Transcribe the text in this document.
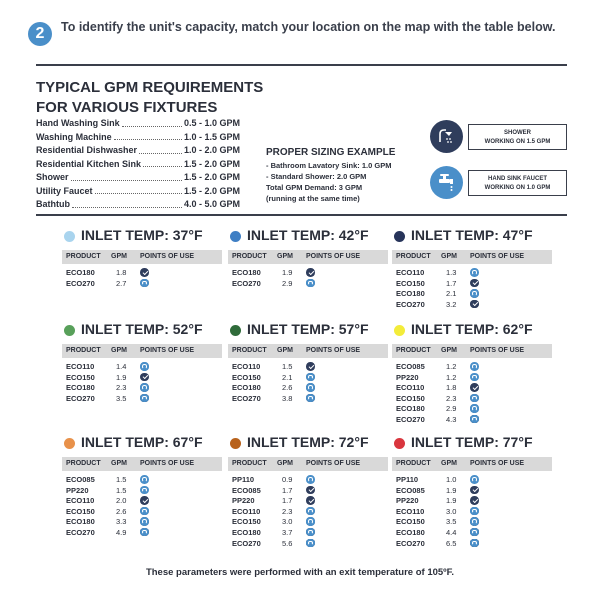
2	To identify the unit's capacity, match your location on the map with the table below.
TYPICAL GPM REQUIREMENTS
FOR VARIOUS FIXTURES
Hand Washing Sink	0.5 - 1.0 GPM
Washing Machine	1.0 - 1.5 GPM
Residential Dishwasher	1.0 - 2.0 GPM
Residential Kitchen Sink	1.5 - 2.0 GPM
Shower	1.5 - 2.0 GPM
Utility Faucet	1.5 - 2.0 GPM
Bathtub	4.0 - 5.0 GPM
PROPER SIZING EXAMPLE
- Bathroom Lavatory Sink: 1.0 GPM
- Standard Shower: 2.0 GPM
Total GPM Demand: 3 GPM
(running at the same time)
SHOWER
WORKING ON 1.5 GPM
HAND SINK FAUCET
WORKING ON 1.0 GPM
INLET TEMP: 37°F
PRODUCT GPM POINTS OF USE
ECO180	1.8
ECO270	2.7
INLET TEMP: 42°F
PRODUCT GPM POINTS OF USE
ECO180	1.9
ECO270	2.9
INLET TEMP: 47°F
PRODUCT GPM POINTS OF USE
ECO110	1.3
ECO150	1.7
ECO180	2.1
ECO270	3.2
INLET TEMP: 52°F
PRODUCT GPM POINTS OF USE
ECO110	1.4
ECO150	1.9
ECO180	2.3
ECO270	3.5
INLET TEMP: 57°F
PRODUCT GPM POINTS OF USE
ECO110	1.5
ECO150	2.1
ECO180	2.6
ECO270	3.8
INLET TEMP: 62°F
PRODUCT GPM POINTS OF USE
ECO085	1.2
PP220	1.2
ECO110	1.8
ECO150	2.3
ECO180	2.9
ECO270	4.3
INLET TEMP: 67°F
PRODUCT GPM POINTS OF USE
ECO085	1.5
PP220	1.5
ECO110	2.0
ECO150	2.6
ECO180	3.3
ECO270	4.9
INLET TEMP: 72°F
PRODUCT GPM POINTS OF USE
PP110	0.9
ECO085	1.7
PP220	1.7
ECO110	2.3
ECO150	3.0
ECO180	3.7
ECO270	5.6
INLET TEMP: 77°F
PRODUCT GPM POINTS OF USE
PP110	1.0
ECO085	1.9
PP220	1.9
ECO110	3.0
ECO150	3.5
ECO180	4.4
ECO270	6.5
These parameters were performed with an exit temperature of 105ºF.
